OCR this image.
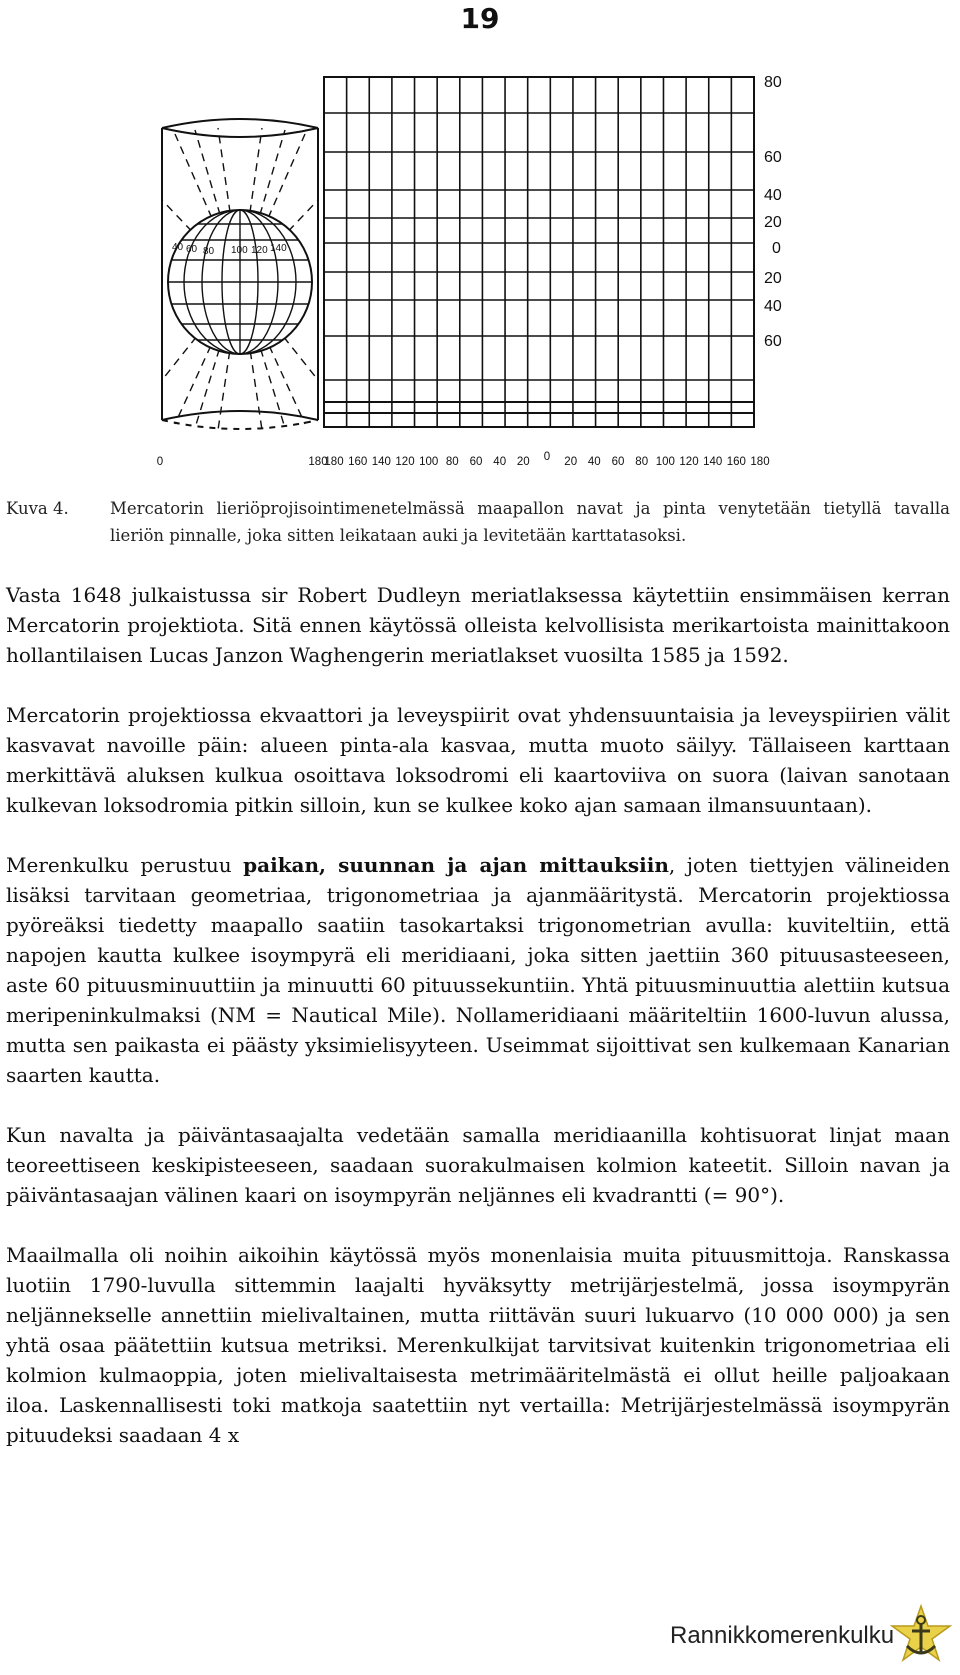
19
40 60 80 100 120 140
80
60
40
20
0
20
40
60
0	180
180 160 140 120 100 80 60 40 20 0 20 40 60 80 100 120 140 160 180
Kuva 4.	Mercatorin lieriöprojisointimenetelmässä maapallon navat ja pinta venytetään tietyllä tavalla lieriön pinnalle, joka sitten leikataan auki ja levitetään karttatasoksi.

Vasta 1648 julkaistussa sir Robert Dudleyn meriatlaksessa käytettiin ensimmäisen kerran Mercatorin projektiota. Sitä ennen käytössä olleista kelvollisista merikartoista mainittakoon hollantilaisen Lucas Janzon Waghengerin meriatlakset vuosilta 1585 ja 1592.

Mercatorin projektiossa ekvaattori ja leveyspiirit ovat yhdensuuntaisia ja leveyspiirien välit kasvavat navoille päin: alueen pinta-ala kasvaa, mutta muoto säilyy. Tällaiseen karttaan merkittävä aluksen kulkua osoittava loksodromi eli kaartoviiva on suora (laivan sanotaan kulkevan loksodromia pitkin silloin, kun se kulkee koko ajan samaan ilmansuuntaan).

Merenkulku perustuu paikan, suunnan ja ajan mittauksiin, joten tiettyjen välineiden lisäksi tarvitaan geometriaa, trigonometriaa ja ajanmääritystä. Mercatorin projektiossa pyöreäksi tiedetty maapallo saatiin tasokartaksi trigonometrian avulla: kuviteltiin, että napojen kautta kulkee isoympyrä eli meridiaani, joka sitten jaettiin 360 pituusasteeseen, aste 60 pituusminuuttiin ja minuutti 60 pituussekuntiin. Yhtä pituusminuuttia alettiin kutsua meripeninkulmaksi (NM = Nautical Mile). Nollameridiaani määriteltiin 1600-luvun alussa, mutta sen paikasta ei päästy yksimielisyyteen. Useimmat sijoittivat sen kulkemaan Kanarian saarten kautta.

Kun navalta ja päiväntasaajalta vedetään samalla meridiaanilla kohtisuorat linjat maan teoreettiseen keskipisteeseen, saadaan suorakulmaisen kolmion kateetit. Silloin navan ja päiväntasaajan välinen kaari on isoympyrän neljännes eli kvadrantti (= 90°).

Maailmalla oli noihin aikoihin käytössä myös monenlaisia muita pituusmittoja. Ranskassa luotiin 1790-luvulla sittemmin laajalti hyväksytty metrijärjestelmä, jossa isoympyrän neljännekselle annettiin mielivaltainen, mutta riittävän suuri lukuarvo (10 000 000) ja sen yhtä osaa päätettiin kutsua metriksi. Merenkulkijat tarvitsivat kuitenkin trigonometriaa eli kolmion kulmaoppia, joten mielivaltaisesta metrimääritelmästä ei ollut heille paljoakaan iloa. Laskennallisesti toki matkoja saatettiin nyt vertailla: Metrijärjestelmässä isoympyrän pituudeksi saadaan 4 x

Rannikkomerenkulku
